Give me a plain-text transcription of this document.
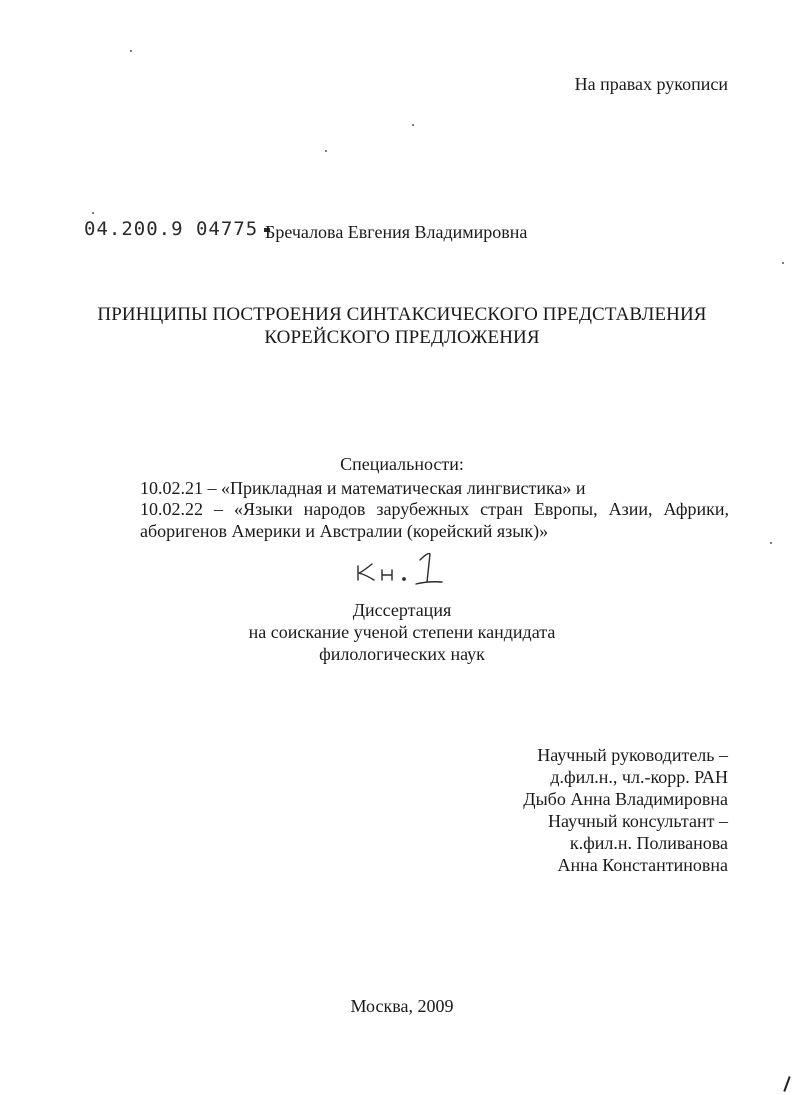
На правах рукописи

04.200.9 04775 Бречалова Евгения Владимировна

ПРИНЦИПЫ ПОСТРОЕНИЯ СИНТАКСИЧЕСКОГО ПРЕДСТАВЛЕНИЯ
КОРЕЙСКОГО ПРЕДЛОЖЕНИЯ

Специальности:

10.02.21 – «Прикладная и математическая лингвистика» и

10.02.22 – «Языки народов зарубежных стран Европы, Азии, Африки,

аборигенов Америки и Австралии (корейский язык)»

Диссертация
на соискание ученой степени кандидата
филологических наук
Научный руководитель –
д.фил.н., чл.-корр. РАН
Дыбо Анна Владимировна
Научный консультант –
к.фил.н. Поливанова
Анна Константиновна

Москва, 2009
